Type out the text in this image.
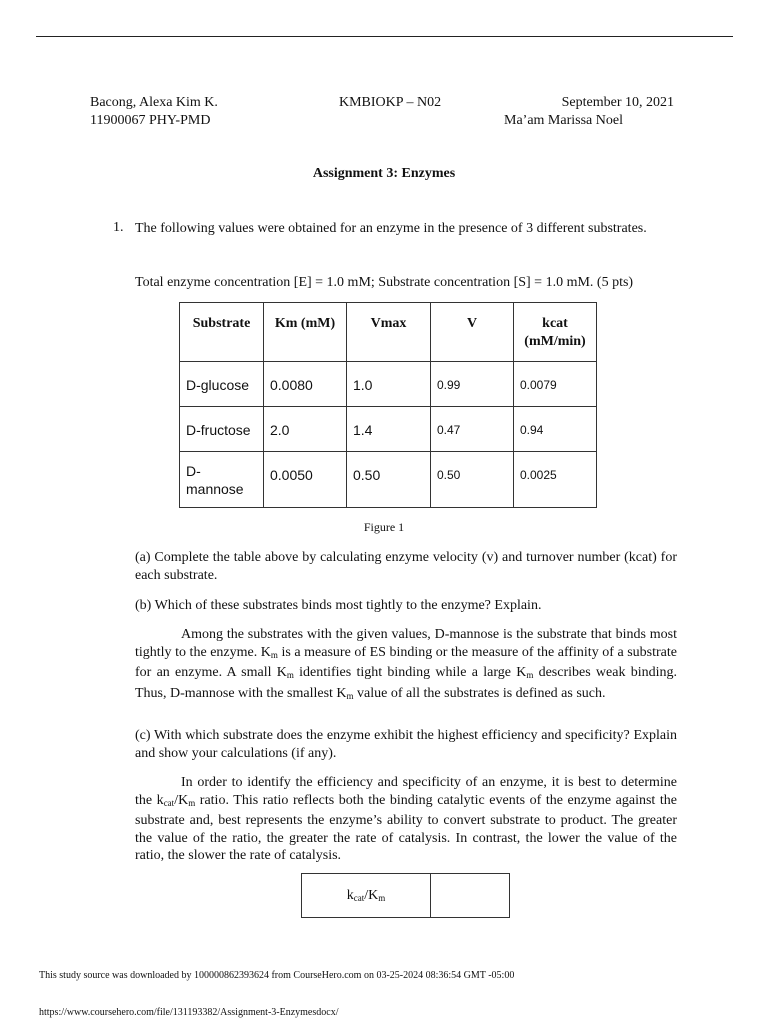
Bacong, Alexa Kim K.
11900067 PHY-PMD
KMBIOKP – N02	September 10, 2021
Ma’am Marissa Noel
Assignment 3: Enzymes
1. The following values were obtained for an enzyme in the presence of 3 different substrates.
Total enzyme concentration [E] = 1.0 mM; Substrate concentration [S] = 1.0 mM. (5 pts)
Substrate	Km (mM)	Vmax	V	kcat (mM/min)
D-glucose	0.0080	1.0	0.99	0.0079
D-fructose	2.0	1.4	0.47	0.94
D-mannose	0.0050	0.50	0.50	0.0025
Figure 1
(a) Complete the table above by calculating enzyme velocity (v) and turnover number (kcat) for each substrate.
(b) Which of these substrates binds most tightly to the enzyme? Explain.
Among the substrates with the given values, D-mannose is the substrate that binds most tightly to the enzyme. $K_m$ is a measure of ES binding or the measure of the affinity of a substrate for an enzyme. A small $K_m$ identifies tight binding while a large $K_m$ describes weak binding. Thus, D-mannose with the smallest $K_m$ value of all the substrates is defined as such.
(c) With which substrate does the enzyme exhibit the highest efficiency and specificity? Explain and show your calculations (if any).
In order to identify the efficiency and specificity of an enzyme, it is best to determine the $k_{cat}/K_m$ ratio. This ratio reflects both the binding catalytic events of the enzyme against the substrate and, best represents the enzyme’s ability to convert substrate to product. The greater the value of the ratio, the greater the rate of catalysis. In contrast, the lower the value of the ratio, the slower the rate of catalysis.
$k_{cat}/K_m$	
This study source was downloaded by 100000862393624 from CourseHero.com on 03-25-2024 08:36:54 GMT -05:00
https://www.coursehero.com/file/131193382/Assignment-3-Enzymesdocx/
